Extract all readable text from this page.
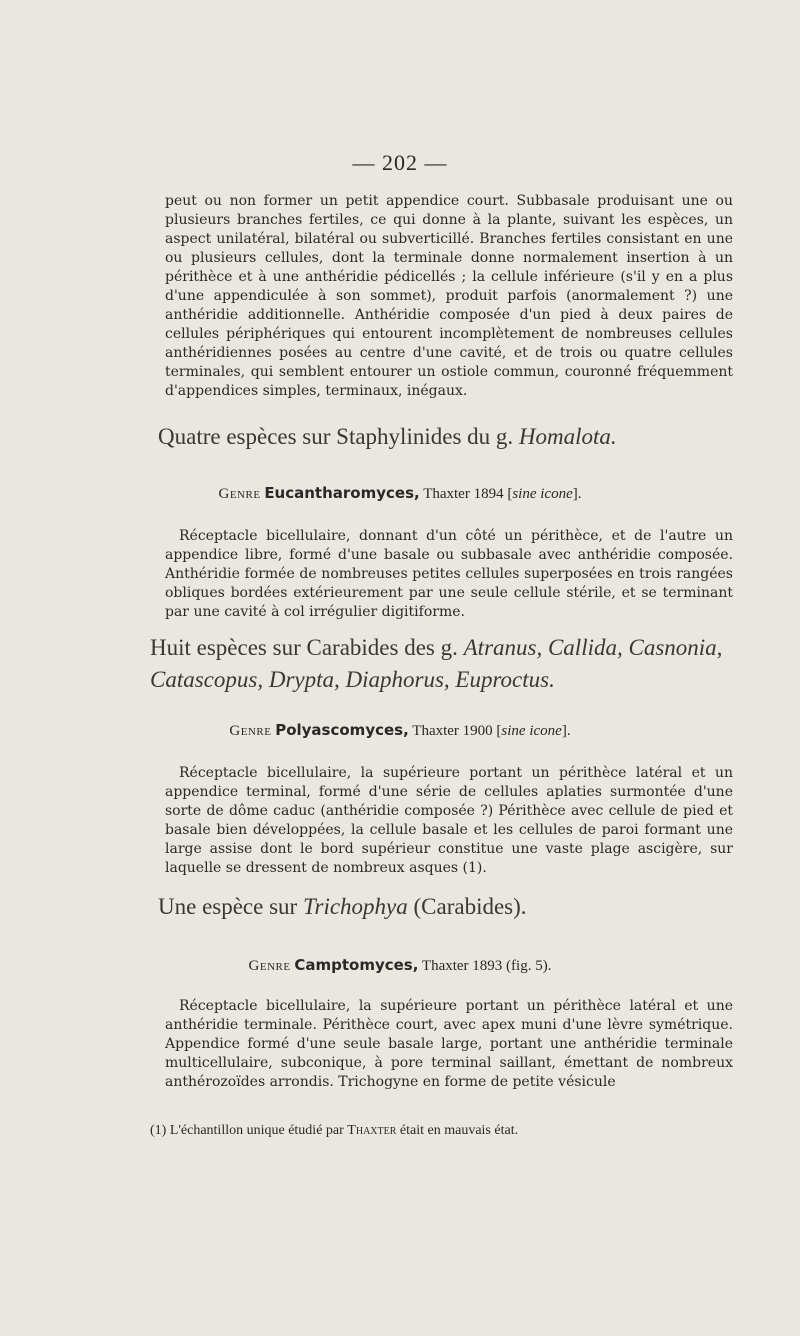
— 202 —
peut ou non former un petit appendice court. Subbasale produisant une ou plusieurs branches fertiles, ce qui donne à la plante, suivant les espèces, un aspect unilatéral, bilatéral ou subverticillé. Branches fertiles consistant en une ou plusieurs cellules, dont la terminale donne normalement insertion à un périthèce et à une anthéridie pédicellés ; la cellule inférieure (s'il y en a plus d'une appendiculée à son sommet), produit parfois (anormalement ?) une anthéridie additionnelle. Anthéridie composée d'un pied à deux paires de cellules périphériques qui entourent incomplètement de nombreuses cellules anthéridiennes posées au centre d'une cavité, et de trois ou quatre cellules terminales, qui semblent entourer un ostiole commun, couronné fréquemment d'appendices simples, terminaux, inégaux.
Quatre espèces sur Staphylinides du g. Homalota.
Genre Eucantharomyces, Thaxter 1894 [sine icone].
Réceptacle bicellulaire, donnant d'un côté un périthèce, et de l'autre un appendice libre, formé d'une basale ou subbasale avec anthéridie composée. Anthéridie formée de nombreuses petites cellules superposées en trois rangées obliques bordées extérieurement par une seule cellule stérile, et se terminant par une cavité à col irrégulier digitiforme.
Huit espèces sur Carabides des g. Atranus, Callida, Casnonia, Catascopus, Drypta, Diaphorus, Euproctus.
Genre Polyascomyces, Thaxter 1900 [sine icone].
Réceptacle bicellulaire, la supérieure portant un périthèce latéral et un appendice terminal, formé d'une série de cellules aplaties surmontée d'une sorte de dôme caduc (anthéridie composée ?) Périthèce avec cellule de pied et basale bien développées, la cellule basale et les cellules de paroi formant une large assise dont le bord supérieur constitue une vaste plage ascigère, sur laquelle se dressent de nombreux asques (1).
Une espèce sur Trichophya (Carabides).
Genre Camptomyces, Thaxter 1893 (fig. 5).
Réceptacle bicellulaire, la supérieure portant un périthèce latéral et une anthéridie terminale. Périthèce court, avec apex muni d'une lèvre symétrique. Appendice formé d'une seule basale large, portant une anthéridie terminale multicellulaire, subconique, à pore terminal saillant, émettant de nombreux anthérozoïdes arrondis. Trichogyne en forme de petite vésicule
(1) L'échantillon unique étudié par Thaxter était en mauvais état.
